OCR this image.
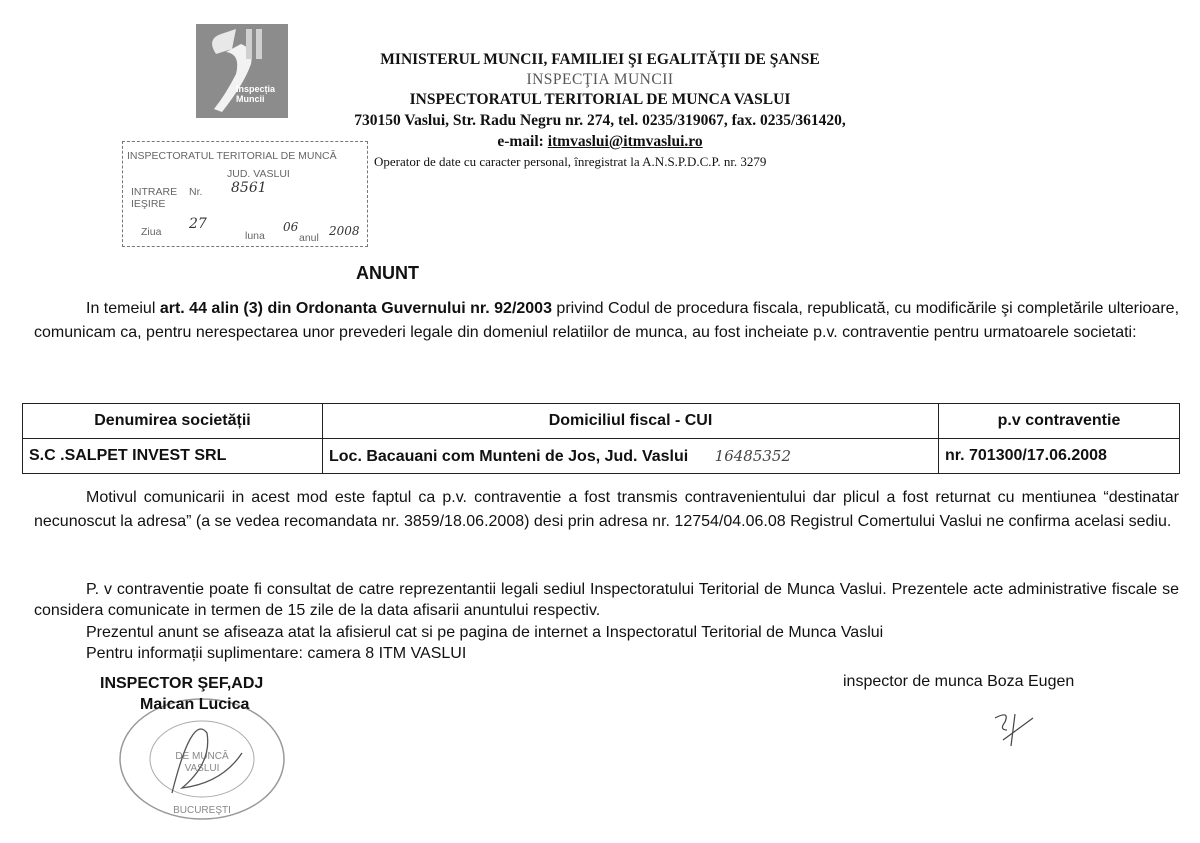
Inspecția
Muncii
MINISTERUL MUNCII, FAMILIEI ŞI EGALITĂŢII DE ŞANSE
INSPECŢIA MUNCII
INSPECTORATUL TERITORIAL DE MUNCA VASLUI
730150 Vaslui, Str. Radu Negru nr. 274, tel. 0235/319067, fax. 0235/361420,
e-mail: itmvaslui@itmvaslui.ro
Operator de date cu caracter personal, înregistrat la A.N.S.P.D.C.P. nr. 3279
INSPECTORATUL TERITORIAL DE MUNCĂ
JUD. VASLUI
INTRARE Nr. 8561
IEŞIRE
27
Ziua	luna
06
anul 2008
ANUNT
In temeiul art. 44 alin (3) din Ordonanta Guvernului nr. 92/2003 privind Codul de procedura fiscala, republicată, cu modificările şi completările ulterioare, comunicam ca, pentru nerespectarea unor prevederi legale din domeniul relatiilor de munca, au fost incheiate p.v. contraventie pentru urmatoarele societati:
Denumirea societății	Domiciliul fiscal - CUI	p.v contraventie
S.C .SALPET INVEST SRL	Loc. Bacauani com Munteni de Jos, Jud. Vaslui 16485352	nr. 701300/17.06.2008
Motivul comunicarii in acest mod este faptul ca p.v. contraventie a fost transmis contravenientului dar plicul a fost returnat cu mentiunea “destinatar necunoscut la adresa” (a se vedea recomandata nr. 3859/18.06.2008) desi prin adresa nr. 12754/04.06.08 Registrul Comertului Vaslui ne confirma acelasi sediu.
P. v contraventie poate fi consultat de catre reprezentantii legali sediul Inspectoratului Teritorial de Munca Vaslui. Prezentele acte administrative fiscale se considera comunicate in termen de 15 zile de la data afisarii anuntului respectiv.
Prezentul anunt se afiseaza atat la afisierul cat si pe pagina de internet a Inspectoratul Teritorial de Munca Vaslui
Pentru informații suplimentare: camera 8 ITM VASLUI
DE MUNCĂ
VASLUI
BUCUREŞTI
INSPECTOR ŞEF,ADJ
Maican Lucica
inspector de munca Boza Eugen
